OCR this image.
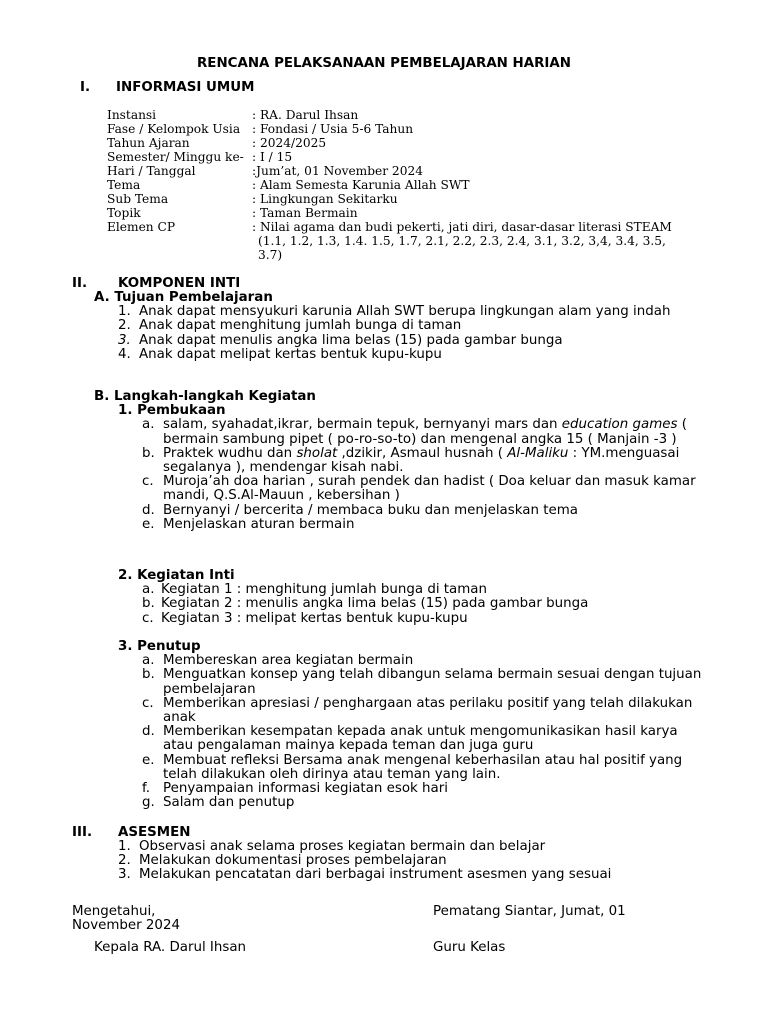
RENCANA PELAKSANAAN PEMBELAJARAN HARIAN
I. INFORMASI UMUM
Instansi	: RA. Darul Ihsan
Fase / Kelompok Usia : Fondasi / Usia 5-6 Tahun
Tahun Ajaran	: 2024/2025
Semester/ Minggu ke- : I / 15
Hari / Tanggal	:Jum’at, 01 November 2024
Tema	: Alam Semesta Karunia Allah SWT
Sub Tema	: Lingkungan Sekitarku
Topik	: Taman Bermain
Elemen CP	: Nilai agama dan budi pekerti, jati diri, dasar-dasar literasi STEAM
(1.1, 1.2, 1.3, 1.4. 1.5, 1.7, 2.1, 2.2, 2.3, 2.4, 3.1, 3.2, 3,4, 3.4, 3.5, 3.7)
II. KOMPONEN INTI
A. Tujuan Pembelajaran
1. Anak dapat mensyukuri karunia Allah SWT berupa lingkungan alam yang indah
2. Anak dapat menghitung jumlah bunga di taman
3. Anak dapat menulis angka lima belas (15) pada gambar bunga
4. Anak dapat melipat kertas bentuk kupu-kupu
B. Langkah-langkah Kegiatan
1. Pembukaan
a. salam, syahadat,ikrar, bermain tepuk, bernyanyi mars dan education games ( bermain sambung pipet ( po-ro-so-to) dan mengenal angka 15 ( Manjain -3 )
b. Praktek wudhu dan sholat ,dzikir, Asmaul husnah ( Al-Maliku : YM.menguasai segalanya ), mendengar kisah nabi.
c. Muroja’ah doa harian , surah pendek dan hadist ( Doa keluar dan masuk kamar mandi, Q.S.Al-Mauun , kebersihan )
d. Bernyanyi / bercerita / membaca buku dan menjelaskan tema
e. Menjelaskan aturan bermain
2. Kegiatan Inti
a. Kegiatan 1 : menghitung jumlah bunga di taman
b. Kegiatan 2 : menulis angka lima belas (15) pada gambar bunga
c. Kegiatan 3 : melipat kertas bentuk kupu-kupu
3. Penutup
a. Membereskan area kegiatan bermain
b. Menguatkan konsep yang telah dibangun selama bermain sesuai dengan tujuan pembelajaran
c. Memberikan apresiasi / penghargaan atas perilaku positif yang telah dilakukan anak
d. Memberikan kesempatan kepada anak untuk mengomunikasikan hasil karya atau pengalaman mainya kepada teman dan juga guru
e. Membuat refleksi Bersama anak mengenal keberhasilan atau hal positif yang telah dilakukan oleh dirinya atau teman yang lain.
f. Penyampaian informasi kegiatan esok hari
g. Salam dan penutup
III. ASESMEN
1. Observasi anak selama proses kegiatan bermain dan belajar
2. Melakukan dokumentasi proses pembelajaran
3. Melakukan pencatatan dari berbagai instrument asesmen yang sesuai
Mengetahui,
November 2024
Pematang Siantar, Jumat, 01
Kepala RA. Darul Ihsan	Guru Kelas
